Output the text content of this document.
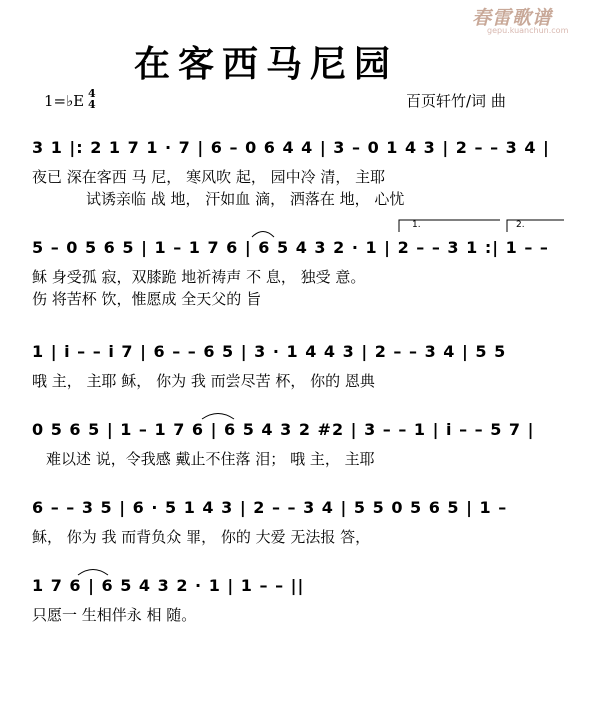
春雷歌谱
gepu.kuanchun.com
在客西马尼园
1=♭E 4
4	百页轩竹/词 曲
3 1 |: 2 1 7 1 · 7 | 6 – 0 6 4 4 | 3 – 0 1 4 3 | 2 – – 3 4 |
夜已 深在客西 马 尼， 寒风吹 起， 园中冷 清， 主耶
试诱亲临 战 地， 汗如血 滴， 洒落在 地， 心忧
1.	2.
5 – 0 5 6 5 | 1 – 1 7 6 | 6 5 4 3 2 · 1 | 2 – – 3 1 :| 1 – –
稣 身受孤 寂，双膝跪 地祈祷声 不 息， 独受 意。
伤 将苦杯 饮，惟愿成 全天父的 旨
1 | i – – i 7 | 6 – – 6 5 | 3 · 1 4 4 3 | 2 – – 3 4 | 5 5
哦 主， 主耶 稣， 你为 我 而尝尽苦 杯， 你的 恩典
0 5 6 5 | 1 – 1 7 6 | 6 5 4 3 2 #2 | 3 – – 1 | i – – 5 7 |
难以述 说，令我感 戴止不住落 泪； 哦 主， 主耶
6 – – 3 5 | 6 · 5 1 4 3 | 2 – – 3 4 | 5 5 0 5 6 5 | 1 –
稣， 你为 我 而背负众 罪， 你的 大爱 无法报 答，
1 7 6 | 6 5 4 3 2 · 1 | 1 – – ||
只愿一 生相伴永 相 随。
